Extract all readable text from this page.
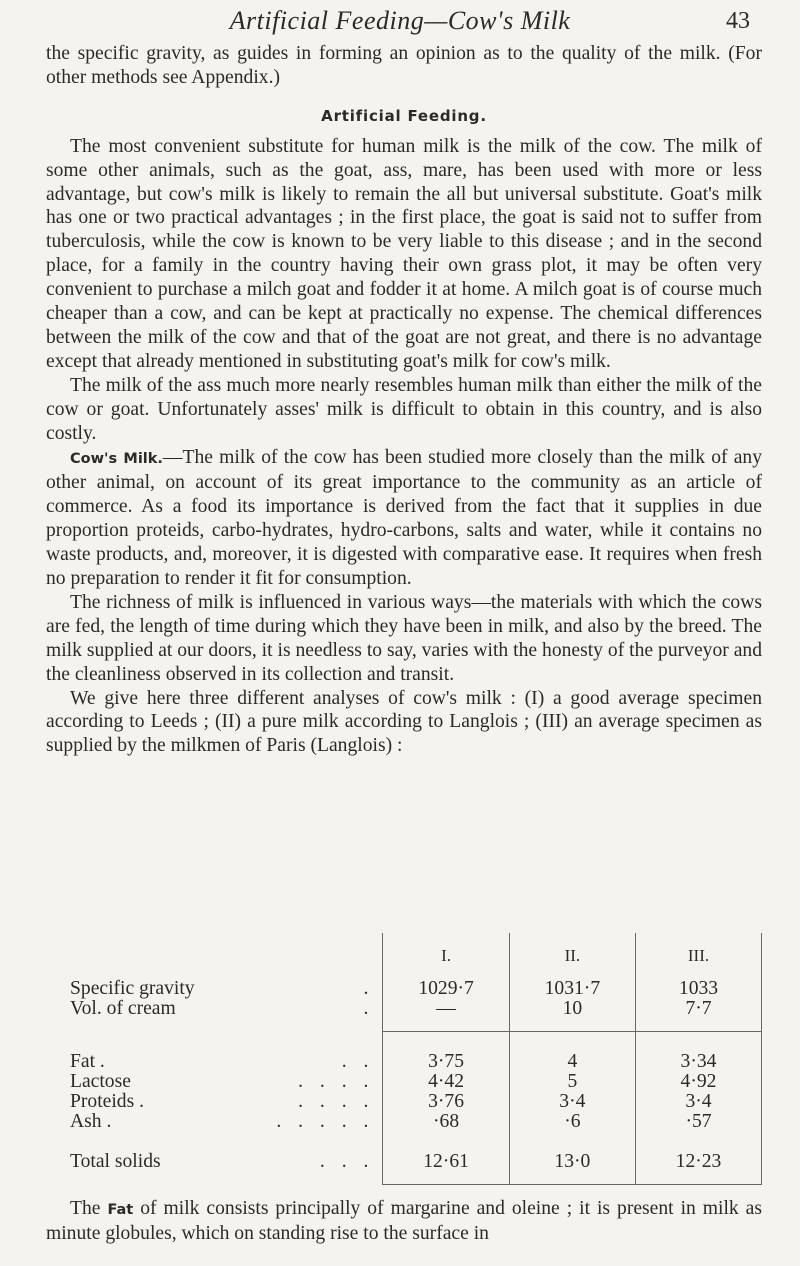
Artificial Feeding—Cow's Milk	43

the specific gravity, as guides in forming an opinion as to the quality of the milk. (For other methods see Appendix.)

Artificial Feeding.

The most convenient substitute for human milk is the milk of the cow. The milk of some other animals, such as the goat, ass, mare, has been used with more or less advantage, but cow's milk is likely to remain the all but universal substitute. Goat's milk has one or two practical advantages ; in the first place, the goat is said not to suffer from tuberculosis, while the cow is known to be very liable to this disease ; and in the second place, for a family in the country having their own grass plot, it may be often very convenient to purchase a milch goat and fodder it at home. A milch goat is of course much cheaper than a cow, and can be kept at practically no expense. The chemical differences between the milk of the cow and that of the goat are not great, and there is no advantage except that already mentioned in substituting goat's milk for cow's milk.

The milk of the ass much more nearly resembles human milk than either the milk of the cow or goat. Unfortunately asses' milk is difficult to obtain in this country, and is also costly.

Cow's Milk.—The milk of the cow has been studied more closely than the milk of any other animal, on account of its great importance to the community as an article of commerce. As a food its importance is derived from the fact that it supplies in due proportion proteids, carbo-hydrates, hydro-carbons, salts and water, while it contains no waste products, and, moreover, it is digested with comparative ease. It requires when fresh no preparation to render it fit for consumption.

The richness of milk is influenced in various ways—the materials with which the cows are fed, the length of time during which they have been in milk, and also by the breed. The milk supplied at our doors, it is needless to say, varies with the honesty of the purveyor and the cleanliness observed in its collection and transit.

We give here three different analyses of cow's milk : (I) a good average specimen according to Leeds ; (II) a pure milk according to Langlois ; (III) an average specimen as supplied by the milkmen of Paris (Langlois) :

	I.	II.	III.
Specific gravity .	1029·7	1031·7	1033
Vol. of cream .	—	10	7·7

Fat . . .	3·75	4	3·34
Lactose . . . .	4·42	5	4·92
Proteids . . . . .	3·76	3·4	3·4
Ash . . . . . .	·68	·6	·57

Total solids . . .	12·61	13·0	12·23

The Fat of milk consists principally of margarine and oleine ; it is present in milk as minute globules, which on standing rise to the surface in
